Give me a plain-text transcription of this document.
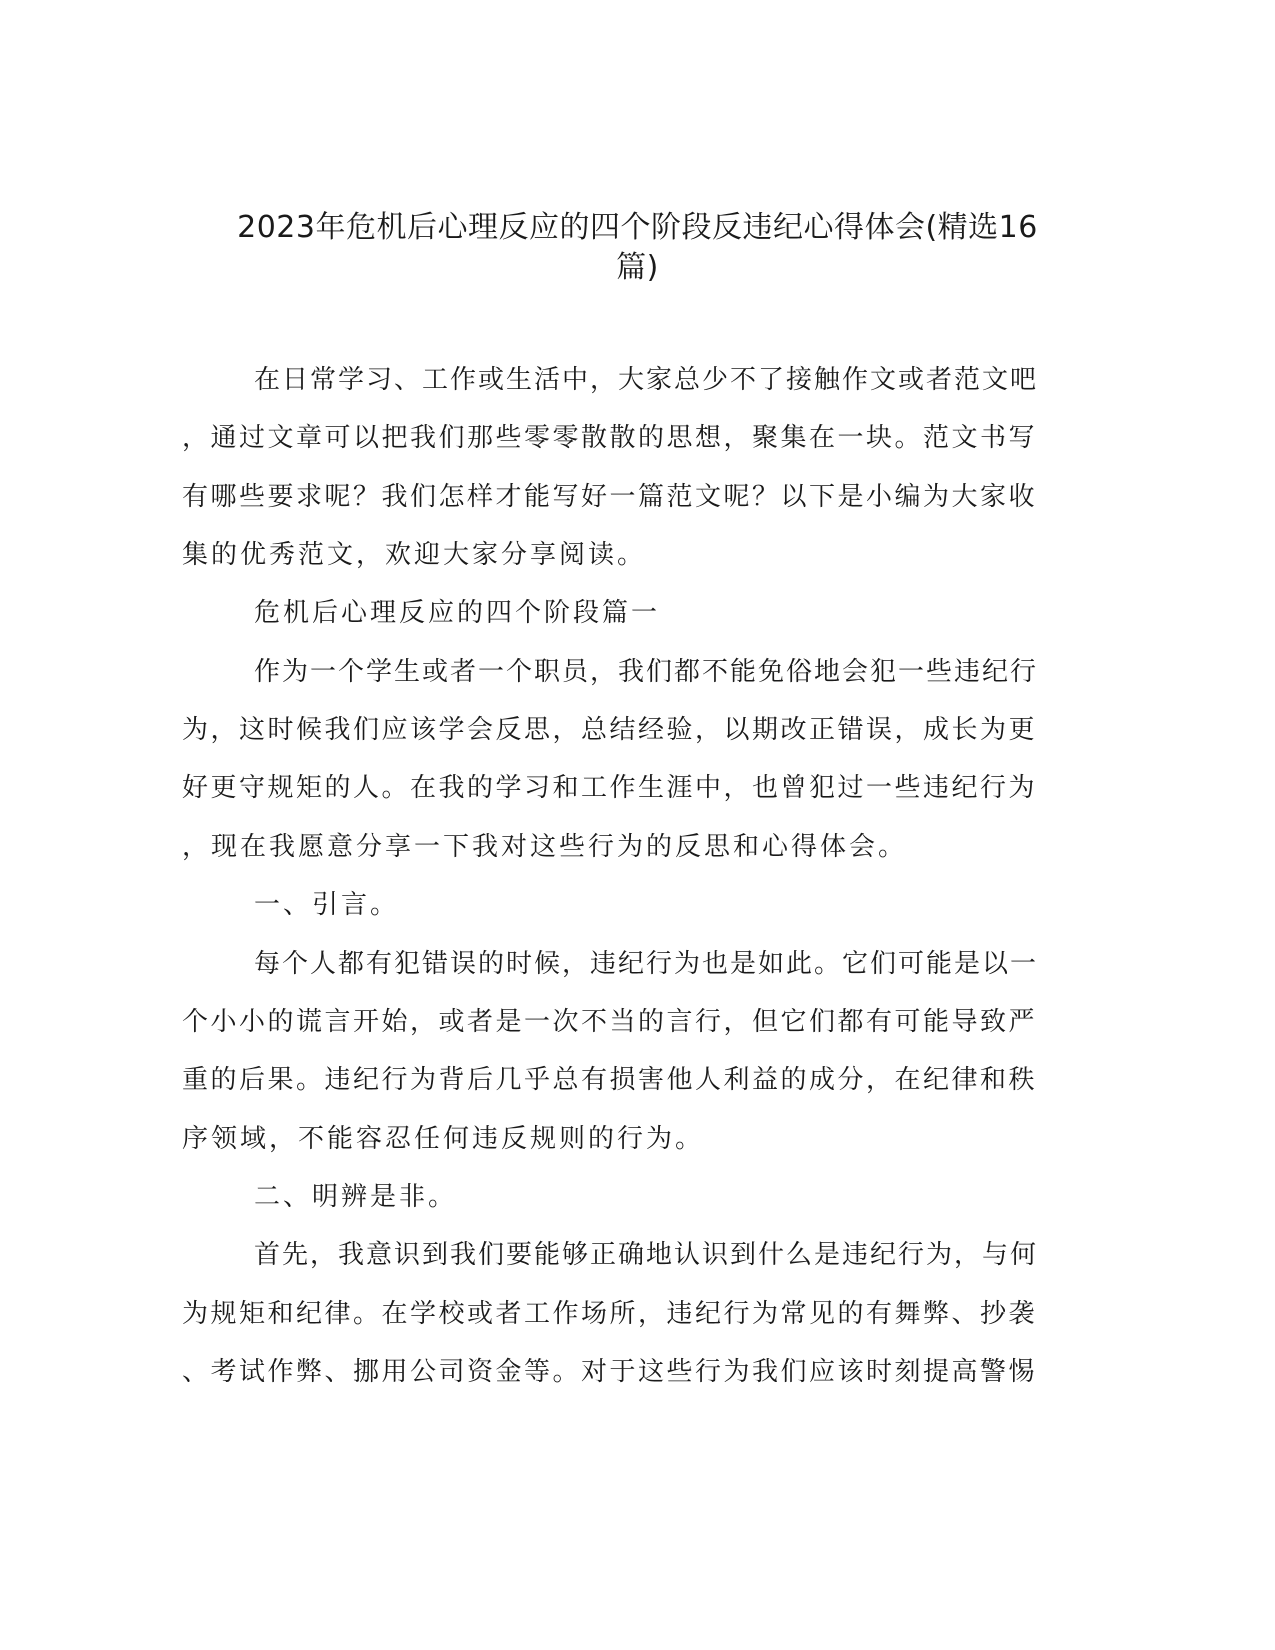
2023年危机后心理反应的四个阶段反违纪心得体会(精选16
篇)
在日常学习、工作或生活中，大家总少不了接触作文或者范文吧
，通过文章可以把我们那些零零散散的思想，聚集在一块。范文书写
有哪些要求呢？我们怎样才能写好一篇范文呢？以下是小编为大家收
集的优秀范文，欢迎大家分享阅读。
危机后心理反应的四个阶段篇一
作为一个学生或者一个职员，我们都不能免俗地会犯一些违纪行
为，这时候我们应该学会反思，总结经验，以期改正错误，成长为更
好更守规矩的人。在我的学习和工作生涯中，也曾犯过一些违纪行为
，现在我愿意分享一下我对这些行为的反思和心得体会。
一、引言。
每个人都有犯错误的时候，违纪行为也是如此。它们可能是以一
个小小的谎言开始，或者是一次不当的言行，但它们都有可能导致严
重的后果。违纪行为背后几乎总有损害他人利益的成分，在纪律和秩
序领域，不能容忍任何违反规则的行为。
二、明辨是非。
首先，我意识到我们要能够正确地认识到什么是违纪行为，与何
为规矩和纪律。在学校或者工作场所，违纪行为常见的有舞弊、抄袭
、考试作弊、挪用公司资金等。对于这些行为我们应该时刻提高警惕
